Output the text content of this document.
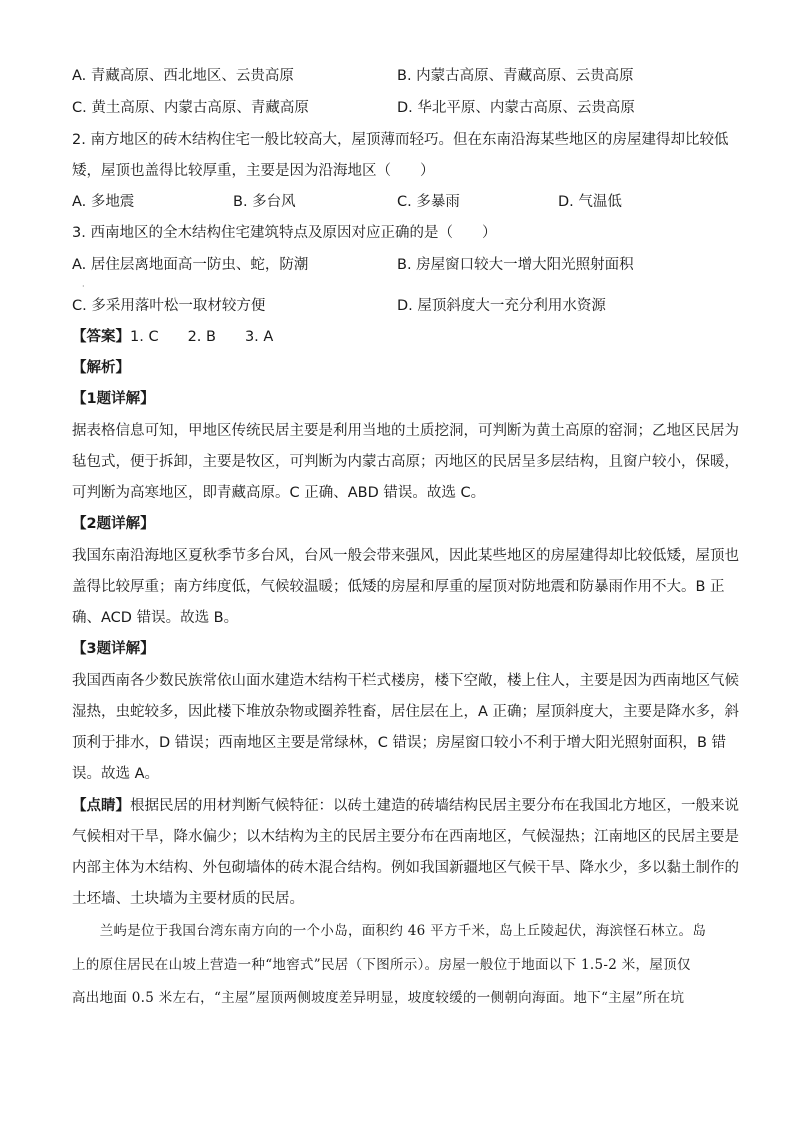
A. 青藏高原、西北地区、云贵高原	B. 内蒙古高原、青藏高原、云贵高原
C. 黄土高原、内蒙古高原、青藏高原	D. 华北平原、内蒙古高原、云贵高原
2. 南方地区的砖木结构住宅一般比较高大，屋顶薄而轻巧。但在东南沿海某些地区的房屋建得却比较低
矮，屋顶也盖得比较厚重，主要是因为沿海地区（　　）
A. 多地震	B. 多台风	C. 多暴雨	D. 气温低
3. 西南地区的全木结构住宅建筑特点及原因对应正确的是（　　）
A. 居住层离地面高一防虫、蛇，防潮	B. 房屋窗口较大一增大阳光照射面积
·
C. 多采用落叶松一取材较方便	D. 屋顶斜度大一充分利用水资源
【答案】1. C　　2. B　　3. A
【解析】
【1题详解】
据表格信息可知，甲地区传统民居主要是利用当地的土质挖洞，可判断为黄土高原的窑洞；乙地区民居为
毡包式，便于拆卸，主要是牧区，可判断为内蒙古高原；丙地区的民居呈多层结构，且窗户较小，保暖，
可判断为高寒地区，即青藏高原。C 正确、ABD 错误。故选 C。
【2题详解】
我国东南沿海地区夏秋季节多台风，台风一般会带来强风，因此某些地区的房屋建得却比较低矮，屋顶也
盖得比较厚重；南方纬度低，气候较温暖；低矮的房屋和厚重的屋顶对防地震和防暴雨作用不大。B 正
确、ACD 错误。故选 B。
【3题详解】
我国西南各少数民族常依山面水建造木结构干栏式楼房，楼下空敞，楼上住人，主要是因为西南地区气候
湿热，虫蛇较多，因此楼下堆放杂物或圈养牲畜，居住层在上，A 正确；屋顶斜度大，主要是降水多，斜
顶利于排水，D 错误；西南地区主要是常绿林，C 错误；房屋窗口较小不利于增大阳光照射面积，B 错
误。故选 A。
【点睛】根据民居的用材判断气候特征：以砖土建造的砖墙结构民居主要分布在我国北方地区，一般来说
气候相对干旱，降水偏少；以木结构为主的民居主要分布在西南地区，气候湿热；江南地区的民居主要是
内部主体为木结构、外包砌墙体的砖木混合结构。例如我国新疆地区气候干旱、降水少，多以黏土制作的
土坯墙、土块墙为主要材质的民居。
　　兰屿是位于我国台湾东南方向的一个小岛，面积约 46 平方千米，岛上丘陵起伏，海滨怪石林立。岛
上的原住居民在山坡上营造一种“地窖式”民居（下图所示）。房屋一般位于地面以下 1.5-2 米，屋顶仅
高出地面 0.5 米左右，“主屋”屋顶两侧坡度差异明显，坡度较缓的一侧朝向海面。地下“主屋”所在坑
